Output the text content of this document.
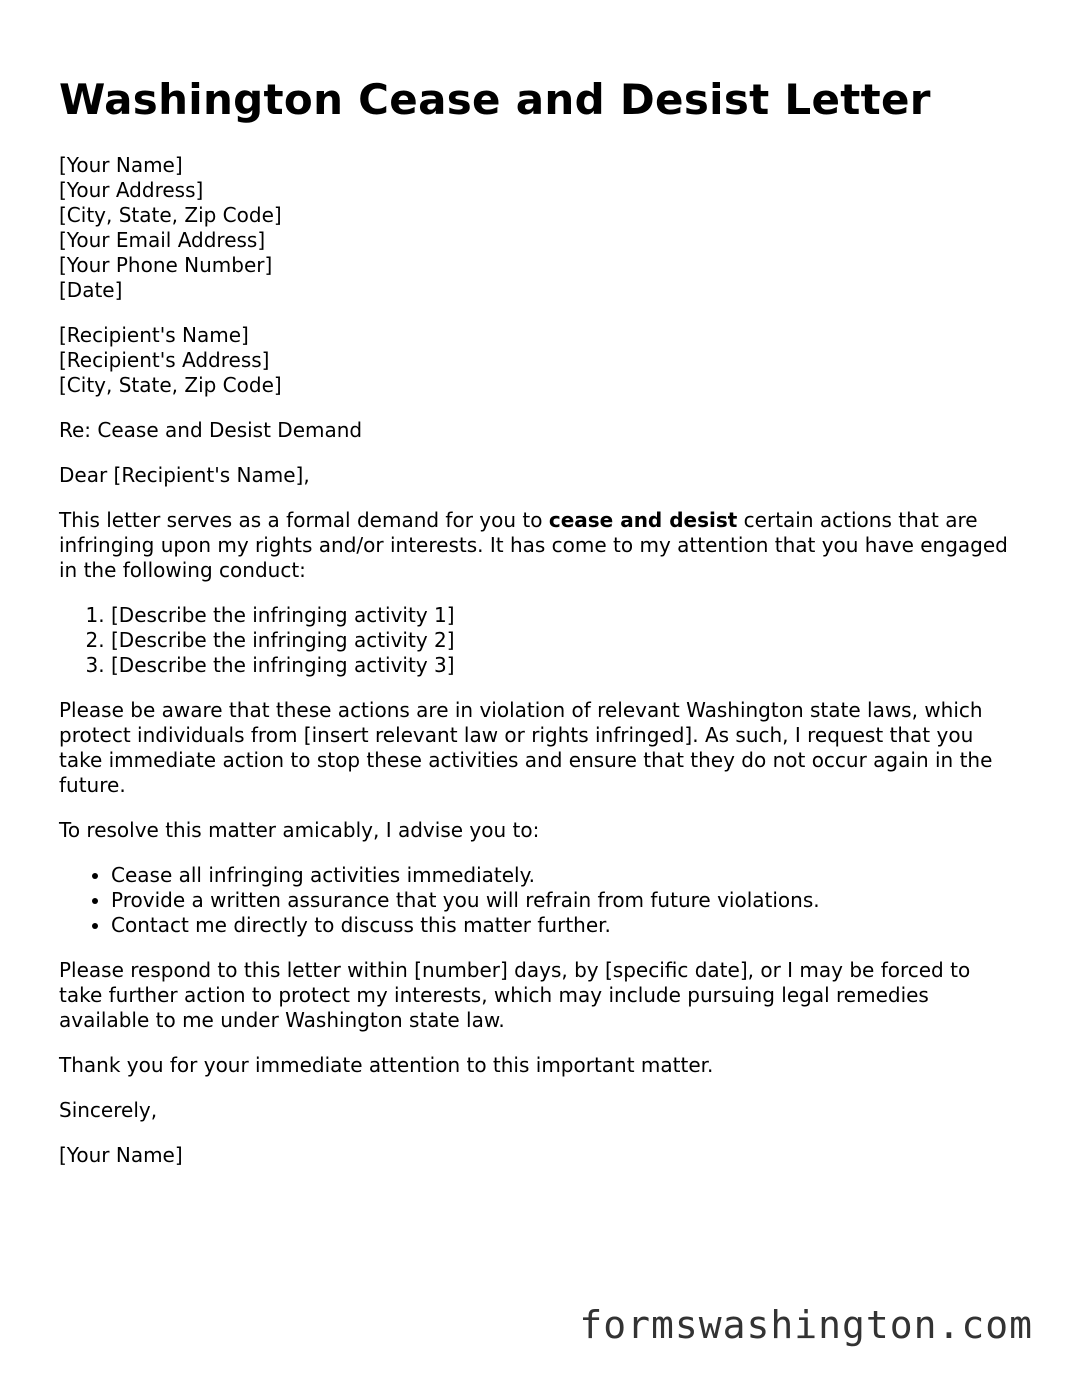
Washington Cease and Desist Letter
[Your Name]
[Your Address]
[City, State, Zip Code]
[Your Email Address]
[Your Phone Number]
[Date]
[Recipient's Name]
[Recipient's Address]
[City, State, Zip Code]

Re: Cease and Desist Demand

Dear [Recipient's Name],

This letter serves as a formal demand for you to cease and desist certain actions that are infringing upon my rights and/or interests. It has come to my attention that you have engaged in the following conduct:

1. [Describe the infringing activity 1]
2. [Describe the infringing activity 2]
3. [Describe the infringing activity 3]

Please be aware that these actions are in violation of relevant Washington state laws, which protect individuals from [insert relevant law or rights infringed]. As such, I request that you take immediate action to stop these activities and ensure that they do not occur again in the future.

To resolve this matter amicably, I advise you to:

• Cease all infringing activities immediately.
• Provide a written assurance that you will refrain from future violations.
• Contact me directly to discuss this matter further.

Please respond to this letter within [number] days, by [specific date], or I may be forced to take further action to protect my interests, which may include pursuing legal remedies available to me under Washington state law.

Thank you for your immediate attention to this important matter.

Sincerely,

[Your Name]

formswashington.com
